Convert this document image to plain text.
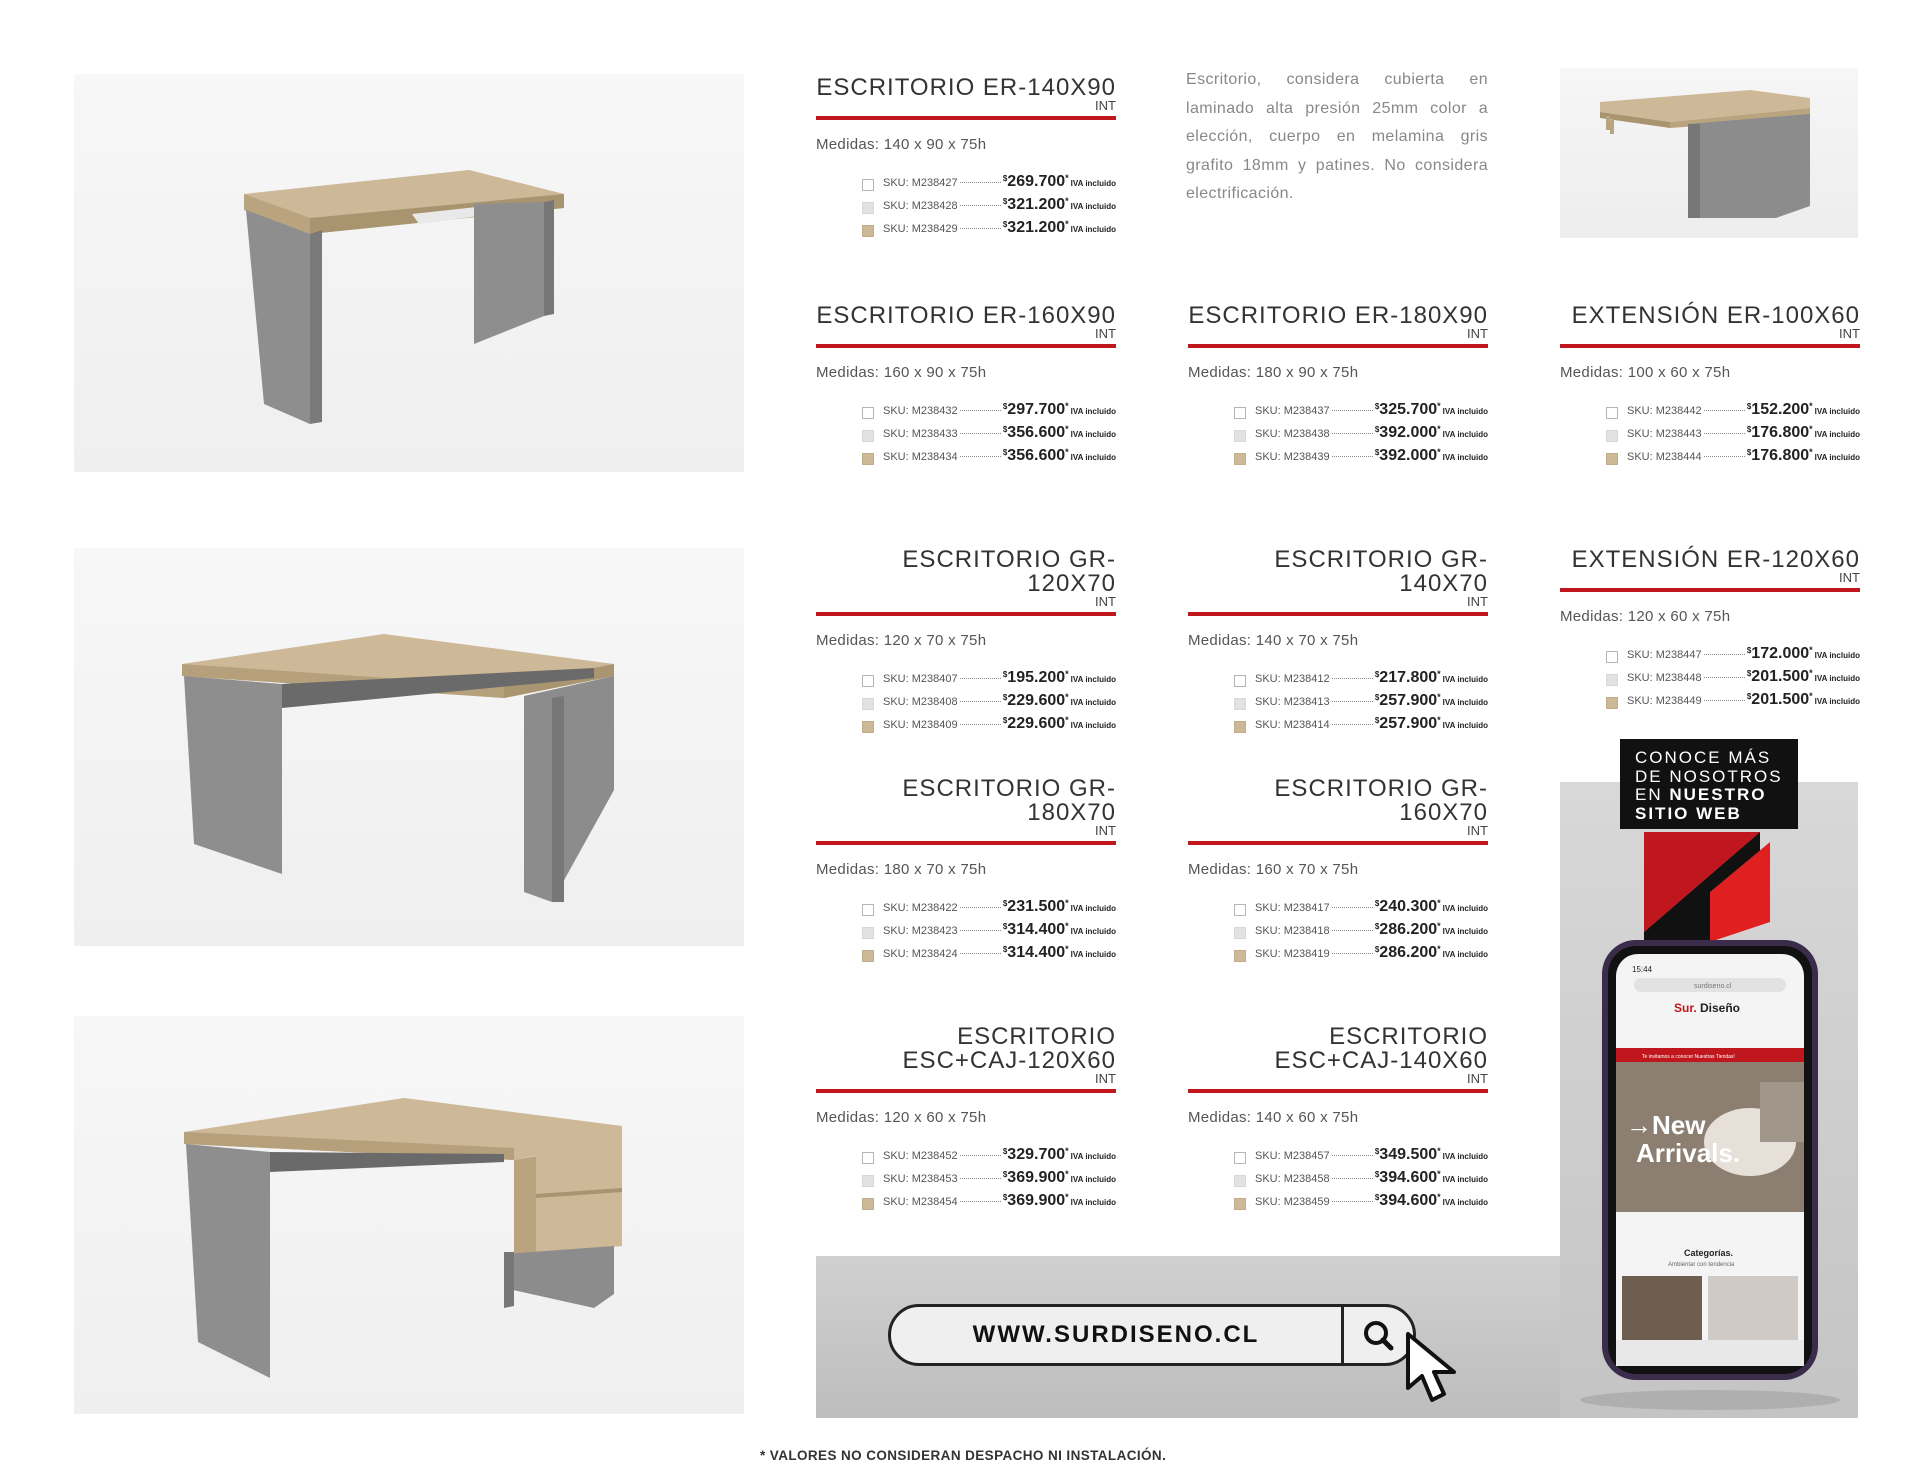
ESCRITORIO ER-140X90
INT
Medidas: 140 x 90 x 75h
SKU: M238427	$ 269.700 *
IVA incluido
SKU: M238428	$ 321.200 *
IVA incluido
SKU: M238429	$ 321.200 *
IVA incluido
Escritorio, considera cubierta en laminado alta presión 25mm color a elección, cuerpo en melamina gris grafito 18mm y patines. No considera electrificación.
ESCRITORIO ER-160X90
INT
Medidas: 160 x 90 x 75h
SKU: M238432	$ 297.700 *
IVA incluido
SKU: M238433	$ 356.600 *
IVA incluido
SKU: M238434	$ 356.600 *
IVA incluido
ESCRITORIO ER-180X90
INT
Medidas: 180 x 90 x 75h
SKU: M238437	$ 325.700 *
IVA incluido
SKU: M238438	$ 392.000 *
IVA incluido
SKU: M238439	$ 392.000 *
IVA incluido
EXTENSIÓN ER-100X60
INT
Medidas: 100 x 60 x 75h
SKU: M238442	$ 152.200 *
IVA incluido
SKU: M238443	$ 176.800 *
IVA incluido
SKU: M238444	$ 176.800 *
IVA incluido
ESCRITORIO GR-120X70
INT
Medidas: 120 x 70 x 75h
SKU: M238407	$ 195.200 *
IVA incluido
SKU: M238408	$ 229.600 *
IVA incluido
SKU: M238409	$ 229.600 *
IVA incluido
ESCRITORIO GR-140X70
INT
Medidas: 140 x 70 x 75h
SKU: M238412	$ 217.800 *
IVA incluido
SKU: M238413	$ 257.900 *
IVA incluido
SKU: M238414	$ 257.900 *
IVA incluido
EXTENSIÓN ER-120X60
INT
Medidas: 120 x 60 x 75h
SKU: M238447	$ 172.000 *
IVA incluido
SKU: M238448	$ 201.500 *
IVA incluido
SKU: M238449	$ 201.500 *
IVA incluido
ESCRITORIO GR-180X70
INT
Medidas: 180 x 70 x 75h
SKU: M238422	$ 231.500 *
IVA incluido
SKU: M238423	$ 314.400 *
IVA incluido
SKU: M238424	$ 314.400 *
IVA incluido
ESCRITORIO GR-160X70
INT
Medidas: 160 x 70 x 75h
SKU: M238417	$ 240.300 *
IVA incluido
SKU: M238418	$ 286.200 *
IVA incluido
SKU: M238419	$ 286.200 *
IVA incluido
ESCRITORIO
ESC+CAJ-120X60
INT
Medidas: 120 x 60 x 75h
SKU: M238452	$ 329.700 *
IVA incluido
SKU: M238453	$ 369.900 *
IVA incluido
SKU: M238454	$ 369.900 *
IVA incluido
ESCRITORIO
ESC+CAJ-140X60
INT
Medidas: 140 x 60 x 75h
SKU: M238457	$ 349.500 *
IVA incluido
SKU: M238458	$ 394.600 *
IVA incluido
SKU: M238459	$ 394.600 *
IVA incluido
15:44
surdiseno.cl
Sur. Diseño
Te invitamos a conocer Nuestras Tiendas!
→New
Arrivals.
Categorías.
Ambientar con tendencia
CONOCE MÁS
DE NOSOTROS
EN NUESTRO
SITIO WEB
WWW.SURDISENO.CL
* VALORES NO CONSIDERAN DESPACHO NI INSTALACIÓN.
